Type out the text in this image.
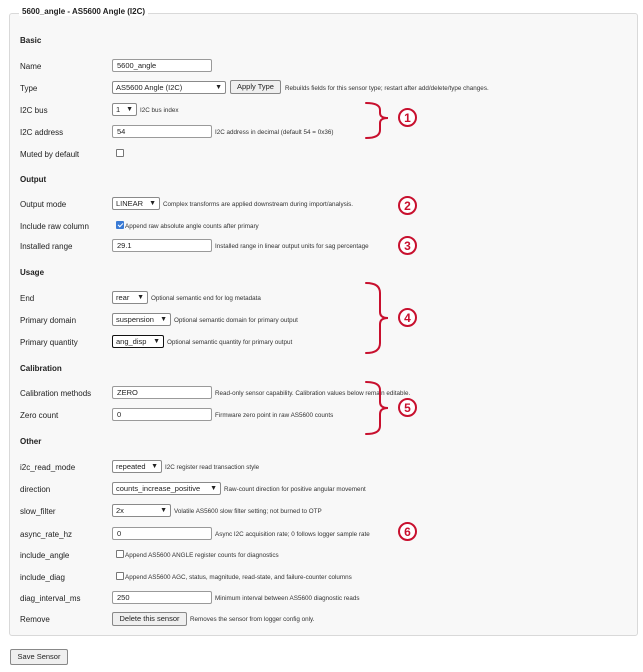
5600_angle - AS5600 Angle (I2C)
Basic
Name	5600_angle
Type	AS5600 Angle (I2C)	▼	Apply Type	Rebuilds fields for this sensor type; restart after add/delete/type changes.
I2C bus	1 ▼ I2C bus index
I2C address	54	I2C address in decimal (default 54 = 0x36)
Muted by default
Output
Output mode	LINEAR ▼ Complex transforms are applied downstream during import/analysis.
Include raw column	Append raw absolute angle counts after primary
Installed range	29.1	Installed range in linear output units for sag percentage
Usage
End	rear ▼ Optional semantic end for log metadata
Primary domain	suspension ▼ Optional semantic domain for primary output
Primary quantity	ang_disp ▼ Optional semantic quantity for primary output
Calibration
Calibration methods	ZERO	Read-only sensor capability. Calibration values below remain editable.
Zero count	0	Firmware zero point in raw AS5600 counts
Other
i2c_read_mode	repeated ▼ I2C register read transaction style
direction	counts_increase_positive ▼ Raw-count direction for positive angular movement
slow_filter	2x	▼ Volatile AS5600 slow filter setting; not burned to OTP
async_rate_hz	0	Async I2C acquisition rate; 0 follows logger sample rate
include_angle	Append AS5600 ANGLE register counts for diagnostics
include_diag	Append AS5600 AGC, status, magnitude, read-state, and failure-counter columns
diag_interval_ms	250	Minimum interval between AS5600 diagnostic reads
Remove	Delete this sensor	Removes the sensor from logger config only.
Save Sensor
1
2
3
4
5
6
